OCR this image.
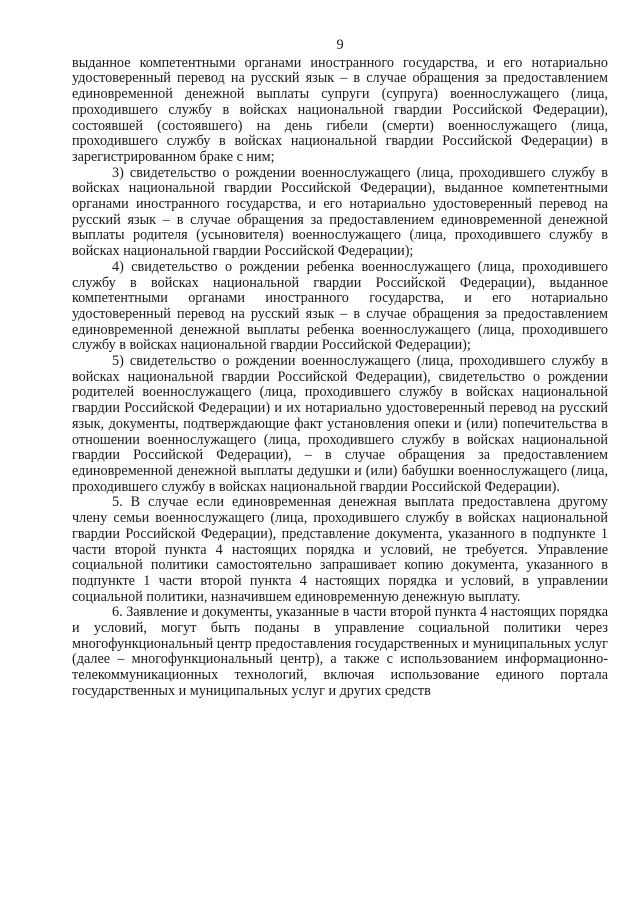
9

выданное компетентными органами иностранного государства, и его нотариально удостоверенный перевод на русский язык – в случае обращения за предоставлением единовременной денежной выплаты супруги (супруга) военнослужащего (лица, проходившего службу в войсках национальной гвардии Российской Федерации), состоявшей (состоявшего) на день гибели (смерти) военнослужащего (лица, проходившего службу в войсках национальной гвардии Российской Федерации) в зарегистрированном браке с ним;

3) свидетельство о рождении военнослужащего (лица, проходившего службу в войсках национальной гвардии Российской Федерации), выданное компетентными органами иностранного государства, и его нотариально удостоверенный перевод на русский язык – в случае обращения за предоставлением единовременной денежной выплаты родителя (усыновителя) военнослужащего (лица, проходившего службу в войсках национальной гвардии Российской Федерации);

4) свидетельство о рождении ребенка военнослужащего (лица, проходившего службу в войсках национальной гвардии Российской Федерации), выданное компетентными органами иностранного государства, и его нотариально удостоверенный перевод на русский язык – в случае обращения за предоставлением единовременной денежной выплаты ребенка военнослужащего (лица, проходившего службу в войсках национальной гвардии Российской Федерации);

5) свидетельство о рождении военнослужащего (лица, проходившего службу в войсках национальной гвардии Российской Федерации), свидетельство о рождении родителей военнослужащего (лица, проходившего службу в войсках национальной гвардии Российской Федерации) и их нотариально удостоверенный перевод на русский язык, документы, подтверждающие факт установления опеки и (или) попечительства в отношении военнослужащего (лица, проходившего службу в войсках национальной гвардии Российской Федерации), – в случае обращения за предоставлением единовременной денежной выплаты дедушки и (или) бабушки военнослужащего (лица, проходившего службу в войсках национальной гвардии Российской Федерации).

5. В случае если единовременная денежная выплата предоставлена другому члену семьи военнослужащего (лица, проходившего службу в войсках национальной гвардии Российской Федерации), представление документа, указанного в подпункте 1 части второй пункта 4 настоящих порядка и условий, не требуется. Управление социальной политики самостоятельно запрашивает копию документа, указанного в подпункте 1 части второй пункта 4 настоящих порядка и условий, в управлении социальной политики, назначившем единовременную денежную выплату.

6. Заявление и документы, указанные в части второй пункта 4 настоящих порядка и условий, могут быть поданы в управление социальной политики через многофункциональный центр предоставления государственных и муниципальных услуг (далее – многофункциональный центр), а также с использованием информационно-телекоммуникационных технологий, включая использование единого портала государственных и муниципальных услуг и других средств
